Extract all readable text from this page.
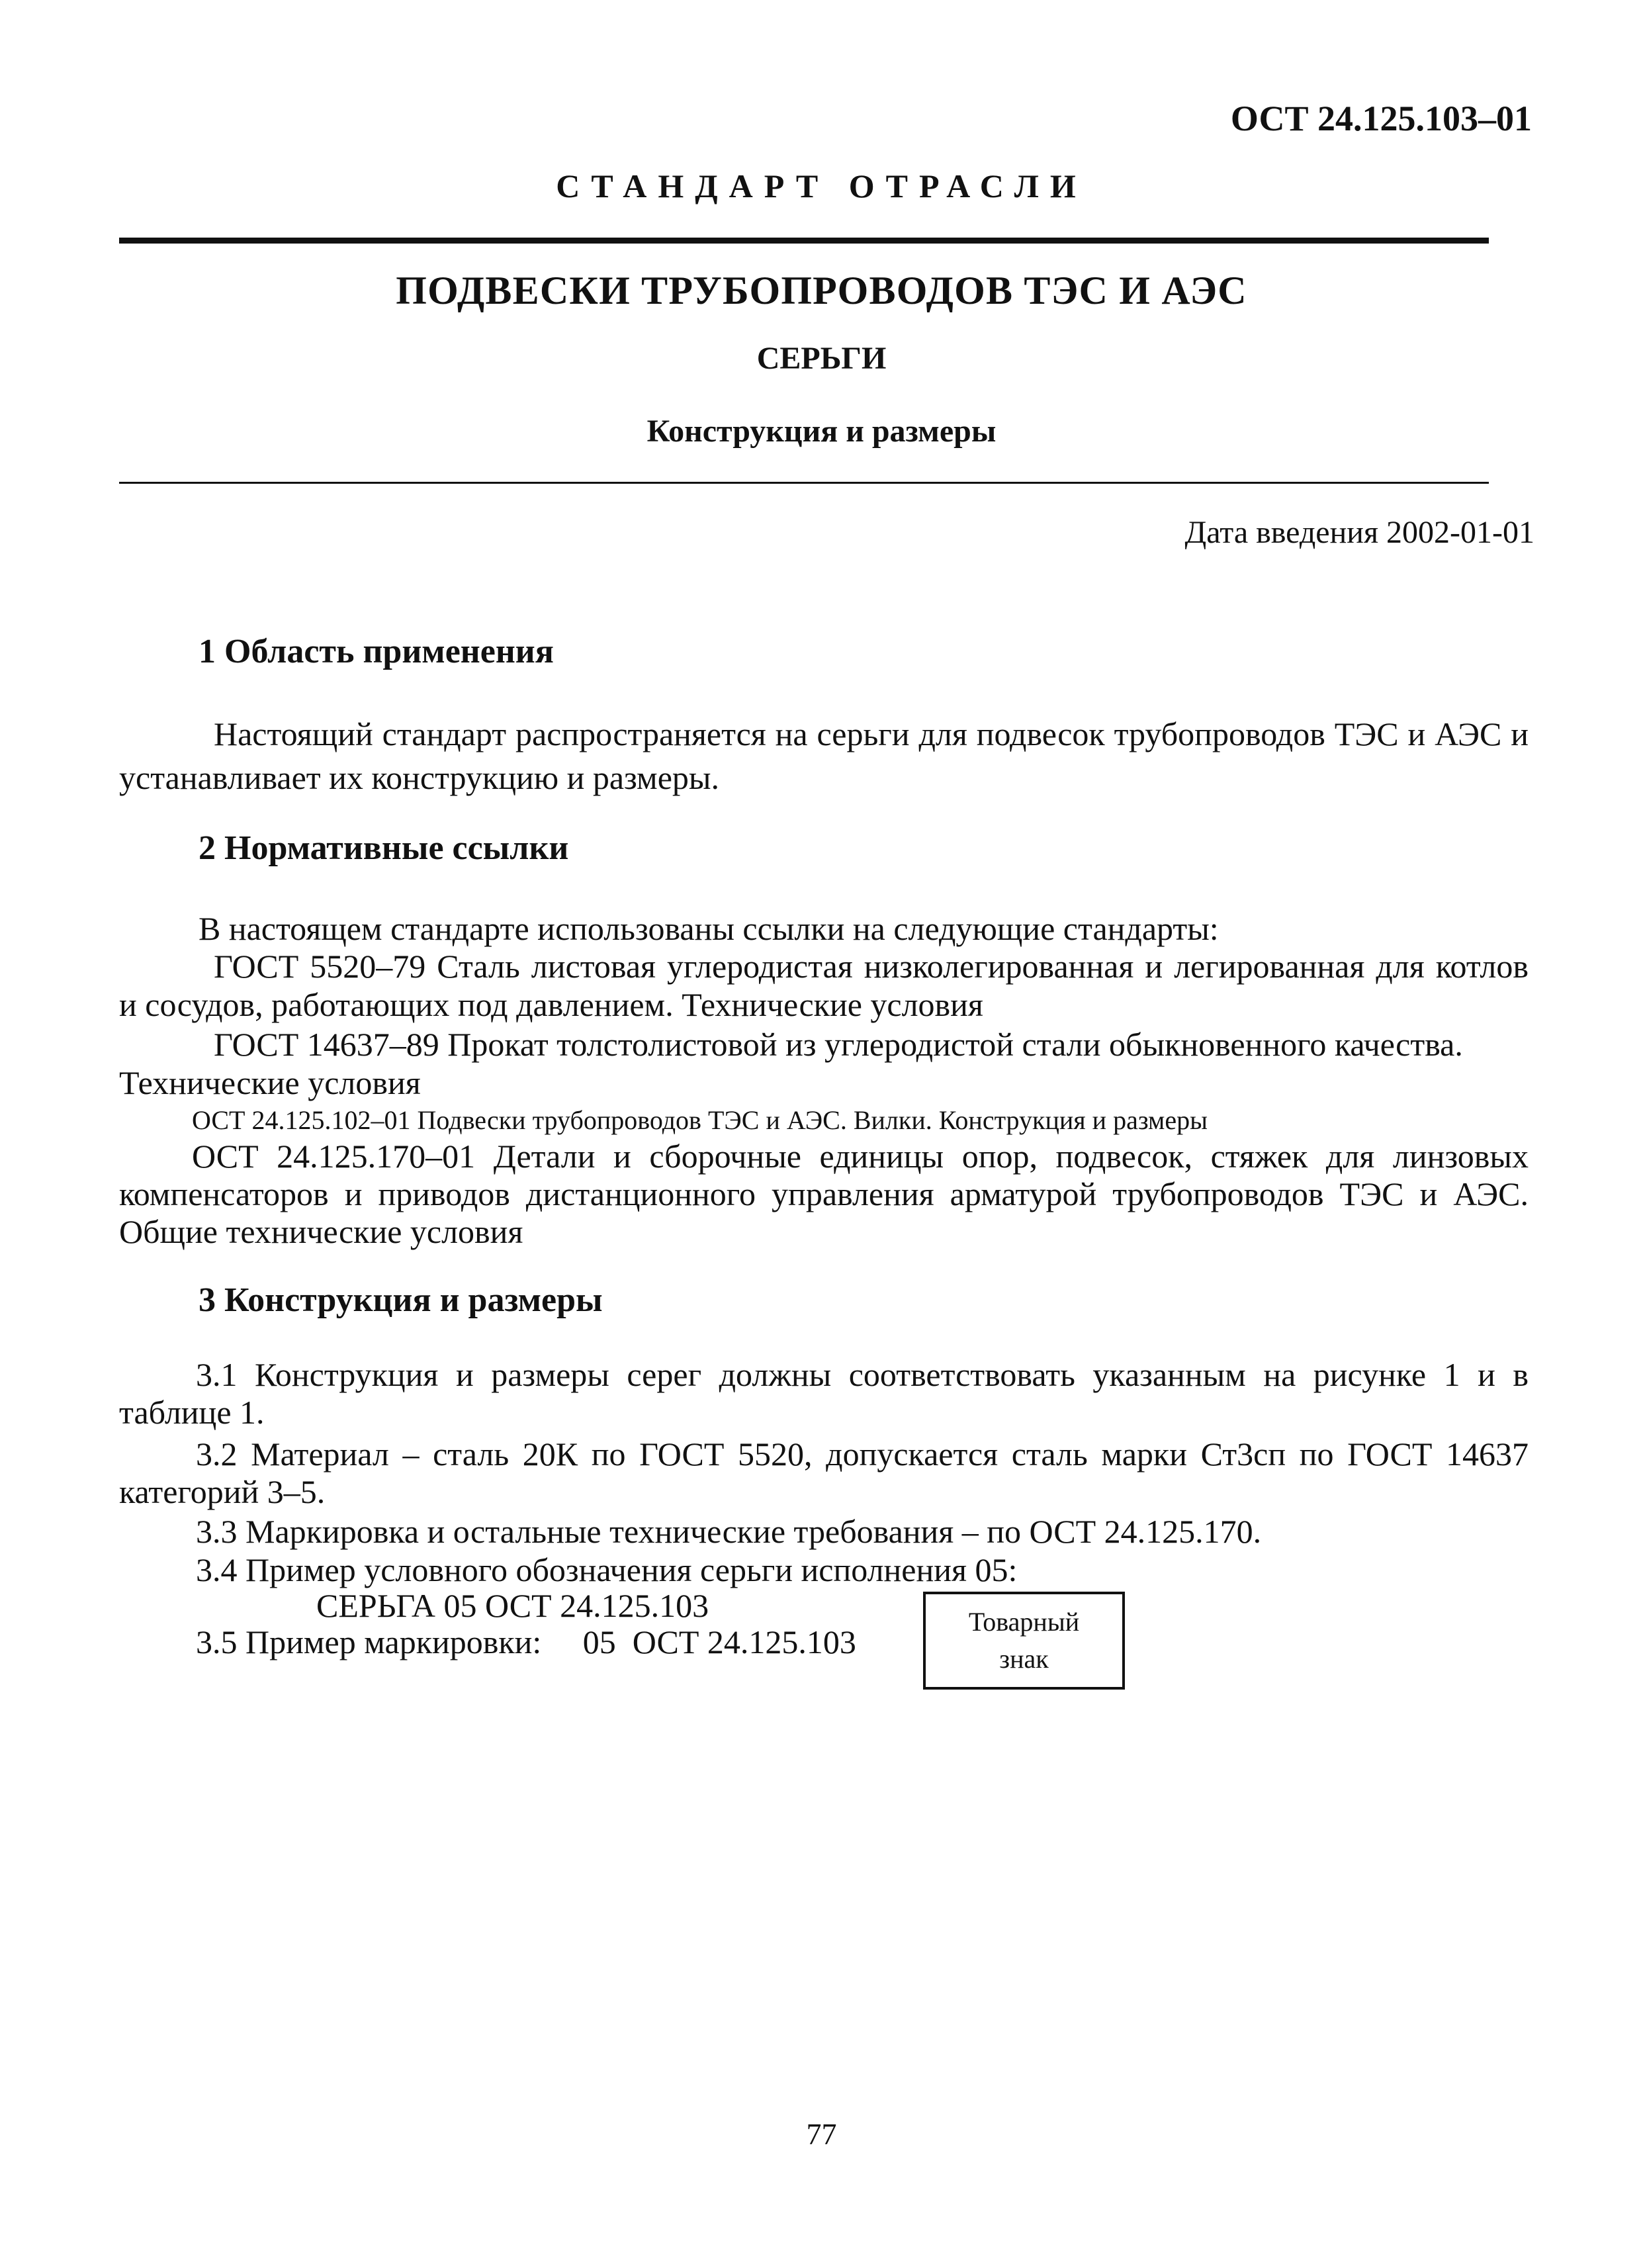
ОСТ 24.125.103–01
СТАНДАРТ ОТРАСЛИ
ПОДВЕСКИ ТРУБОПРОВОДОВ ТЭС И АЭС
СЕРЬГИ
Конструкция и размеры
Дата введения 2002-01-01
1 Область применения
Настоящий стандарт распространяется на серьги для подвесок трубопроводов ТЭС и АЭС и
устанавливает их конструкцию и размеры.
2 Нормативные ссылки
В настоящем стандарте использованы ссылки на следующие стандарты:
ГОСТ 5520–79 Сталь листовая углеродистая низколегированная и легированная для котлов
и сосудов, работающих под давлением. Технические условия
ГОСТ 14637–89 Прокат толстолистовой из углеродистой стали обыкновенного качества.
Технические условия
ОСТ 24.125.102–01 Подвески трубопроводов ТЭС и АЭС. Вилки. Конструкция и размеры
ОСТ 24.125.170–01 Детали и сборочные единицы опор, подвесок, стяжек для линзовых
компенсаторов и приводов дистанционного управления арматурой трубопроводов ТЭС и АЭС.
Общие технические условия
3 Конструкция и размеры
3.1 Конструкция и размеры серег должны соответствовать указанным на рисунке 1 и в
таблице 1.
3.2 Материал – сталь 20К по ГОСТ 5520, допускается сталь марки Ст3сп по ГОСТ 14637
категорий 3–5.
3.3 Маркировка и остальные технические требования – по ОСТ 24.125.170.
3.4 Пример условного обозначения серьги исполнения 05:
СЕРЬГА 05 ОСТ 24.125.103
3.5 Пример маркировки:     05  ОСТ 24.125.103
Товарный
знак
77
